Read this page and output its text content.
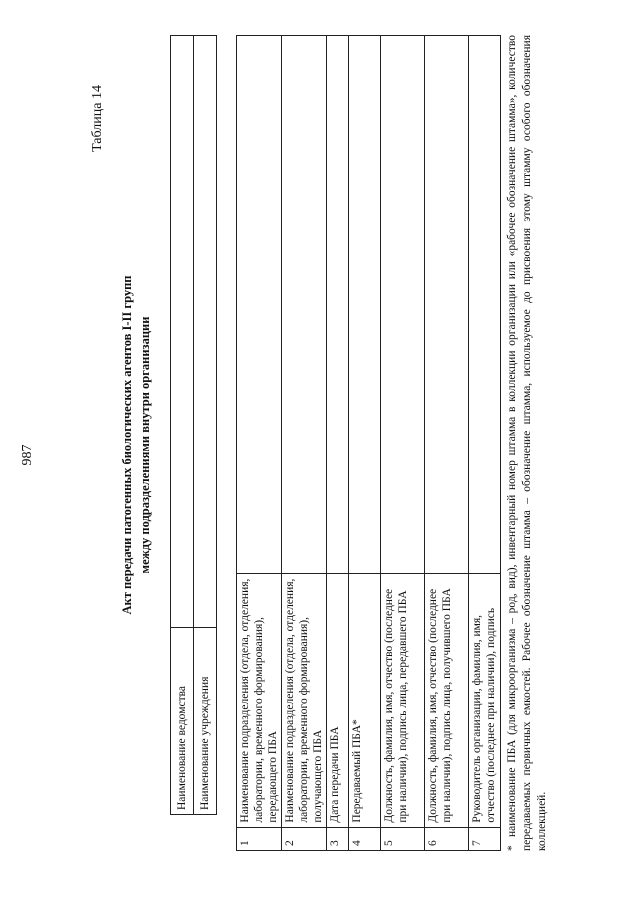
987
Таблица 14
Акт передачи патогенных биологических агентов I-II групп между подразделениями внутри организации
Наименование ведомства	
Наименование учреждения	
1	Наименование подразделения (отдела, отделения, лаборатории, временного формирования), передающего ПБА	
2	Наименование подразделения (отдела, отделения, лаборатории, временного формирования), получающего ПБА	
3	Дата передачи ПБА	
4	Передаваемый ПБА*	
5	Должность, фамилия, имя, отчество (последнее при наличии), подпись лица, передавшего ПБА	
6	Должность, фамилия, имя, отчество (последнее при наличии), подпись лица, получившего ПБА	
7	Руководитель организации, фамилия, имя, отчество (последнее при наличии), подпись	
*наименование ПБА (для микроорганизма – род, вид), инвентарный номер штамма в коллекции организации или «рабочее обозначение штамма», количество передаваемых первичных емкостей. Рабочее обозначение штамма – обозначение штамма, используемое до присвоения этому штамму особого обозначения коллекцией.
